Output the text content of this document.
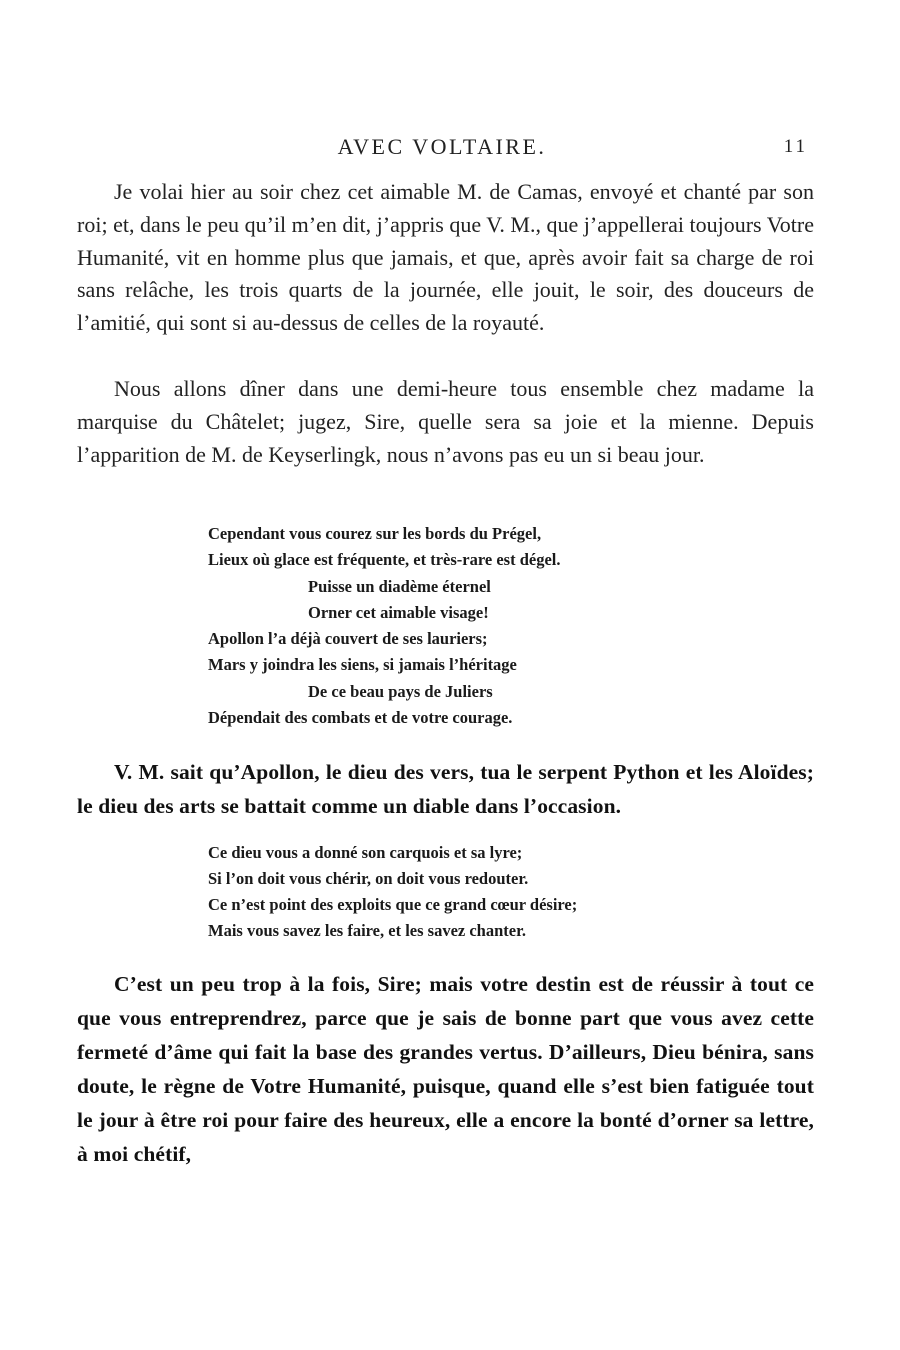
AVEC VOLTAIRE.	11

Je volai hier au soir chez cet aimable M. de Camas, envoyé et chanté par son roi; et, dans le peu qu’il m’en dit, j’appris que V. M., que j’appellerai toujours Votre Humanité, vit en homme plus que jamais, et que, après avoir fait sa charge de roi sans relâche, les trois quarts de la journée, elle jouit, le soir, des douceurs de l’amitié, qui sont si au-dessus de celles de la royauté.

Nous allons dîner dans une demi-heure tous ensemble chez madame la marquise du Châtelet; jugez, Sire, quelle sera sa joie et la mienne. Depuis l’apparition de M. de Keyserlingk, nous n’avons pas eu un si beau jour.

Cependant vous courez sur les bords du Prégel,
Lieux où glace est fréquente, et très-rare est dégel.
Puisse un diadème éternel
Orner cet aimable visage!
Apollon l’a déjà couvert de ses lauriers;
Mars y joindra les siens, si jamais l’héritage
De ce beau pays de Juliers
Dépendait des combats et de votre courage.

V. M. sait qu’Apollon, le dieu des vers, tua le serpent Python et les Aloïdes; le dieu des arts se battait comme un diable dans l’occasion.

Ce dieu vous a donné son carquois et sa lyre;
Si l’on doit vous chérir, on doit vous redouter.
Ce n’est point des exploits que ce grand cœur désire;
Mais vous savez les faire, et les savez chanter.

C’est un peu trop à la fois, Sire; mais votre destin est de réussir à tout ce que vous entreprendrez, parce que je sais de bonne part que vous avez cette fermeté d’âme qui fait la base des grandes vertus. D’ailleurs, Dieu bénira, sans doute, le règne de Votre Humanité, puisque, quand elle s’est bien fatiguée tout le jour à être roi pour faire des heureux, elle a encore la bonté d’orner sa lettre, à moi chétif,
